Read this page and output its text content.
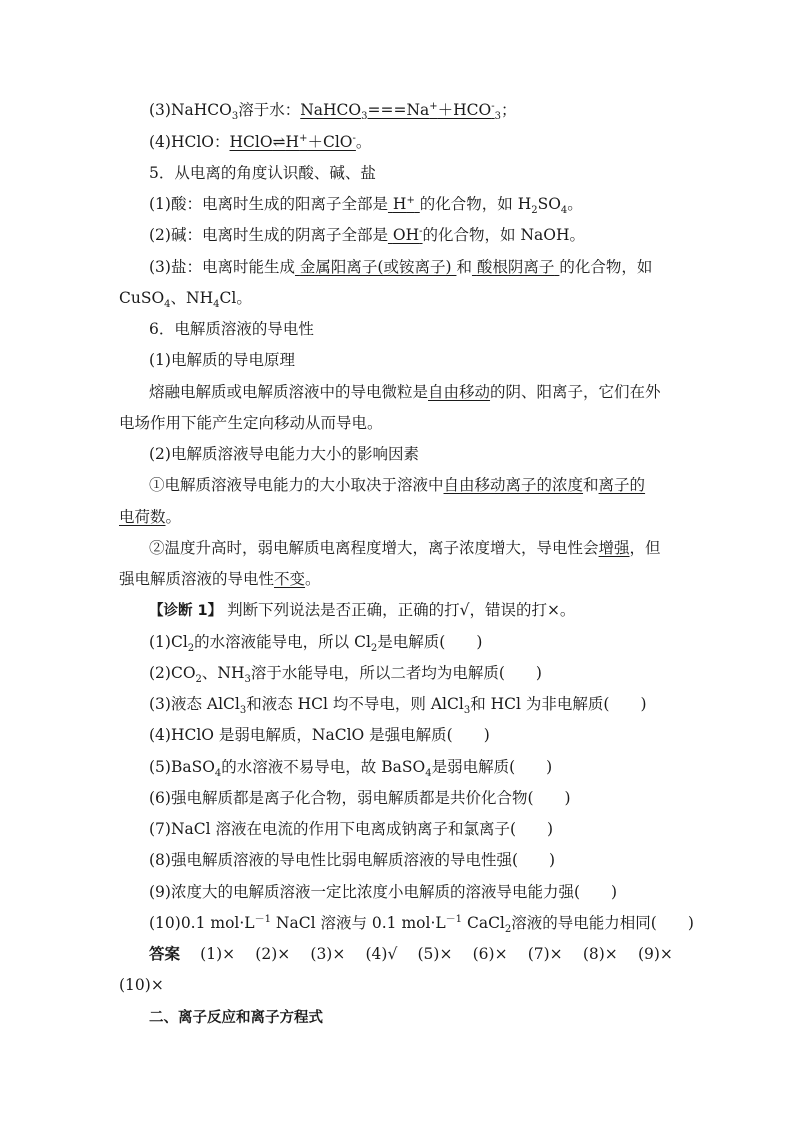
(3)NaHCO$_3$溶于水：$NaHCO_3===Na^++HCO^-_3$；
(4)HClO：HClO⇌H+＋ClO-。
5．从电离的角度认识酸、碱、盐
(1)酸：电离时生成的阳离子全部是 H+ 的化合物，如 $H_2SO_4$。
(2)碱：电离时生成的阴离子全部是 OH-的化合物，如 NaOH。
(3)盐：电离时能生成 金属阳离子(或铵离子) 和 酸根阴离子 的化合物，如
CuSO$_4$、$NH_4Cl$。
6．电解质溶液的导电性
(1)电解质的导电原理
熔融电解质或电解质溶液中的导电微粒是自由移动的阴、阳离子，它们在外
电场作用下能产生定向移动从而导电。
(2)电解质溶液导电能力大小的影响因素
①电解质溶液导电能力的大小取决于溶液中自由移动离子的浓度和离子的
电荷数。
②温度升高时，弱电解质电离程度增大，离子浓度增大，导电性会增强，但
强电解质溶液的导电性不变。
【诊断 1】 判断下列说法是否正确，正确的打√，错误的打×。
$(1)Cl_2$的水溶液能导电，所以 $Cl_2$是电解质(　　)
$(2)CO_2$、$NH_3$溶于水能导电，所以二者均为电解质(　　)
(3)液态 AlCl$_3$和液态 HCl 均不导电，则 AlCl$_3$和 HCl 为非电解质(　　)
(4)HClO 是弱电解质，NaClO 是强电解质(　　)
(5)BaSO$_4$的水溶液不易导电，故 BaSO$_4$是弱电解质(　　)
(6)强电解质都是离子化合物，弱电解质都是共价化合物(　　)
(7)NaCl 溶液在电流的作用下电离成钠离子和氯离子(　　)
(8)强电解质溶液的导电性比弱电解质溶液的导电性强(　　)
(9)浓度大的电解质溶液一定比浓度小电解质的溶液导电能力强(　　)
(10)0.1 $mol\cdot L^{-1}$ NaCl 溶液与 0.1 $mol\cdot L^{-1}$ CaCl$_2$溶液的导电能力相同(　　)
答案 (1)× (2)× (3)× (4)√ (5)× (6)× (7)× (8)× (9)×
(10)×
二、离子反应和离子方程式
